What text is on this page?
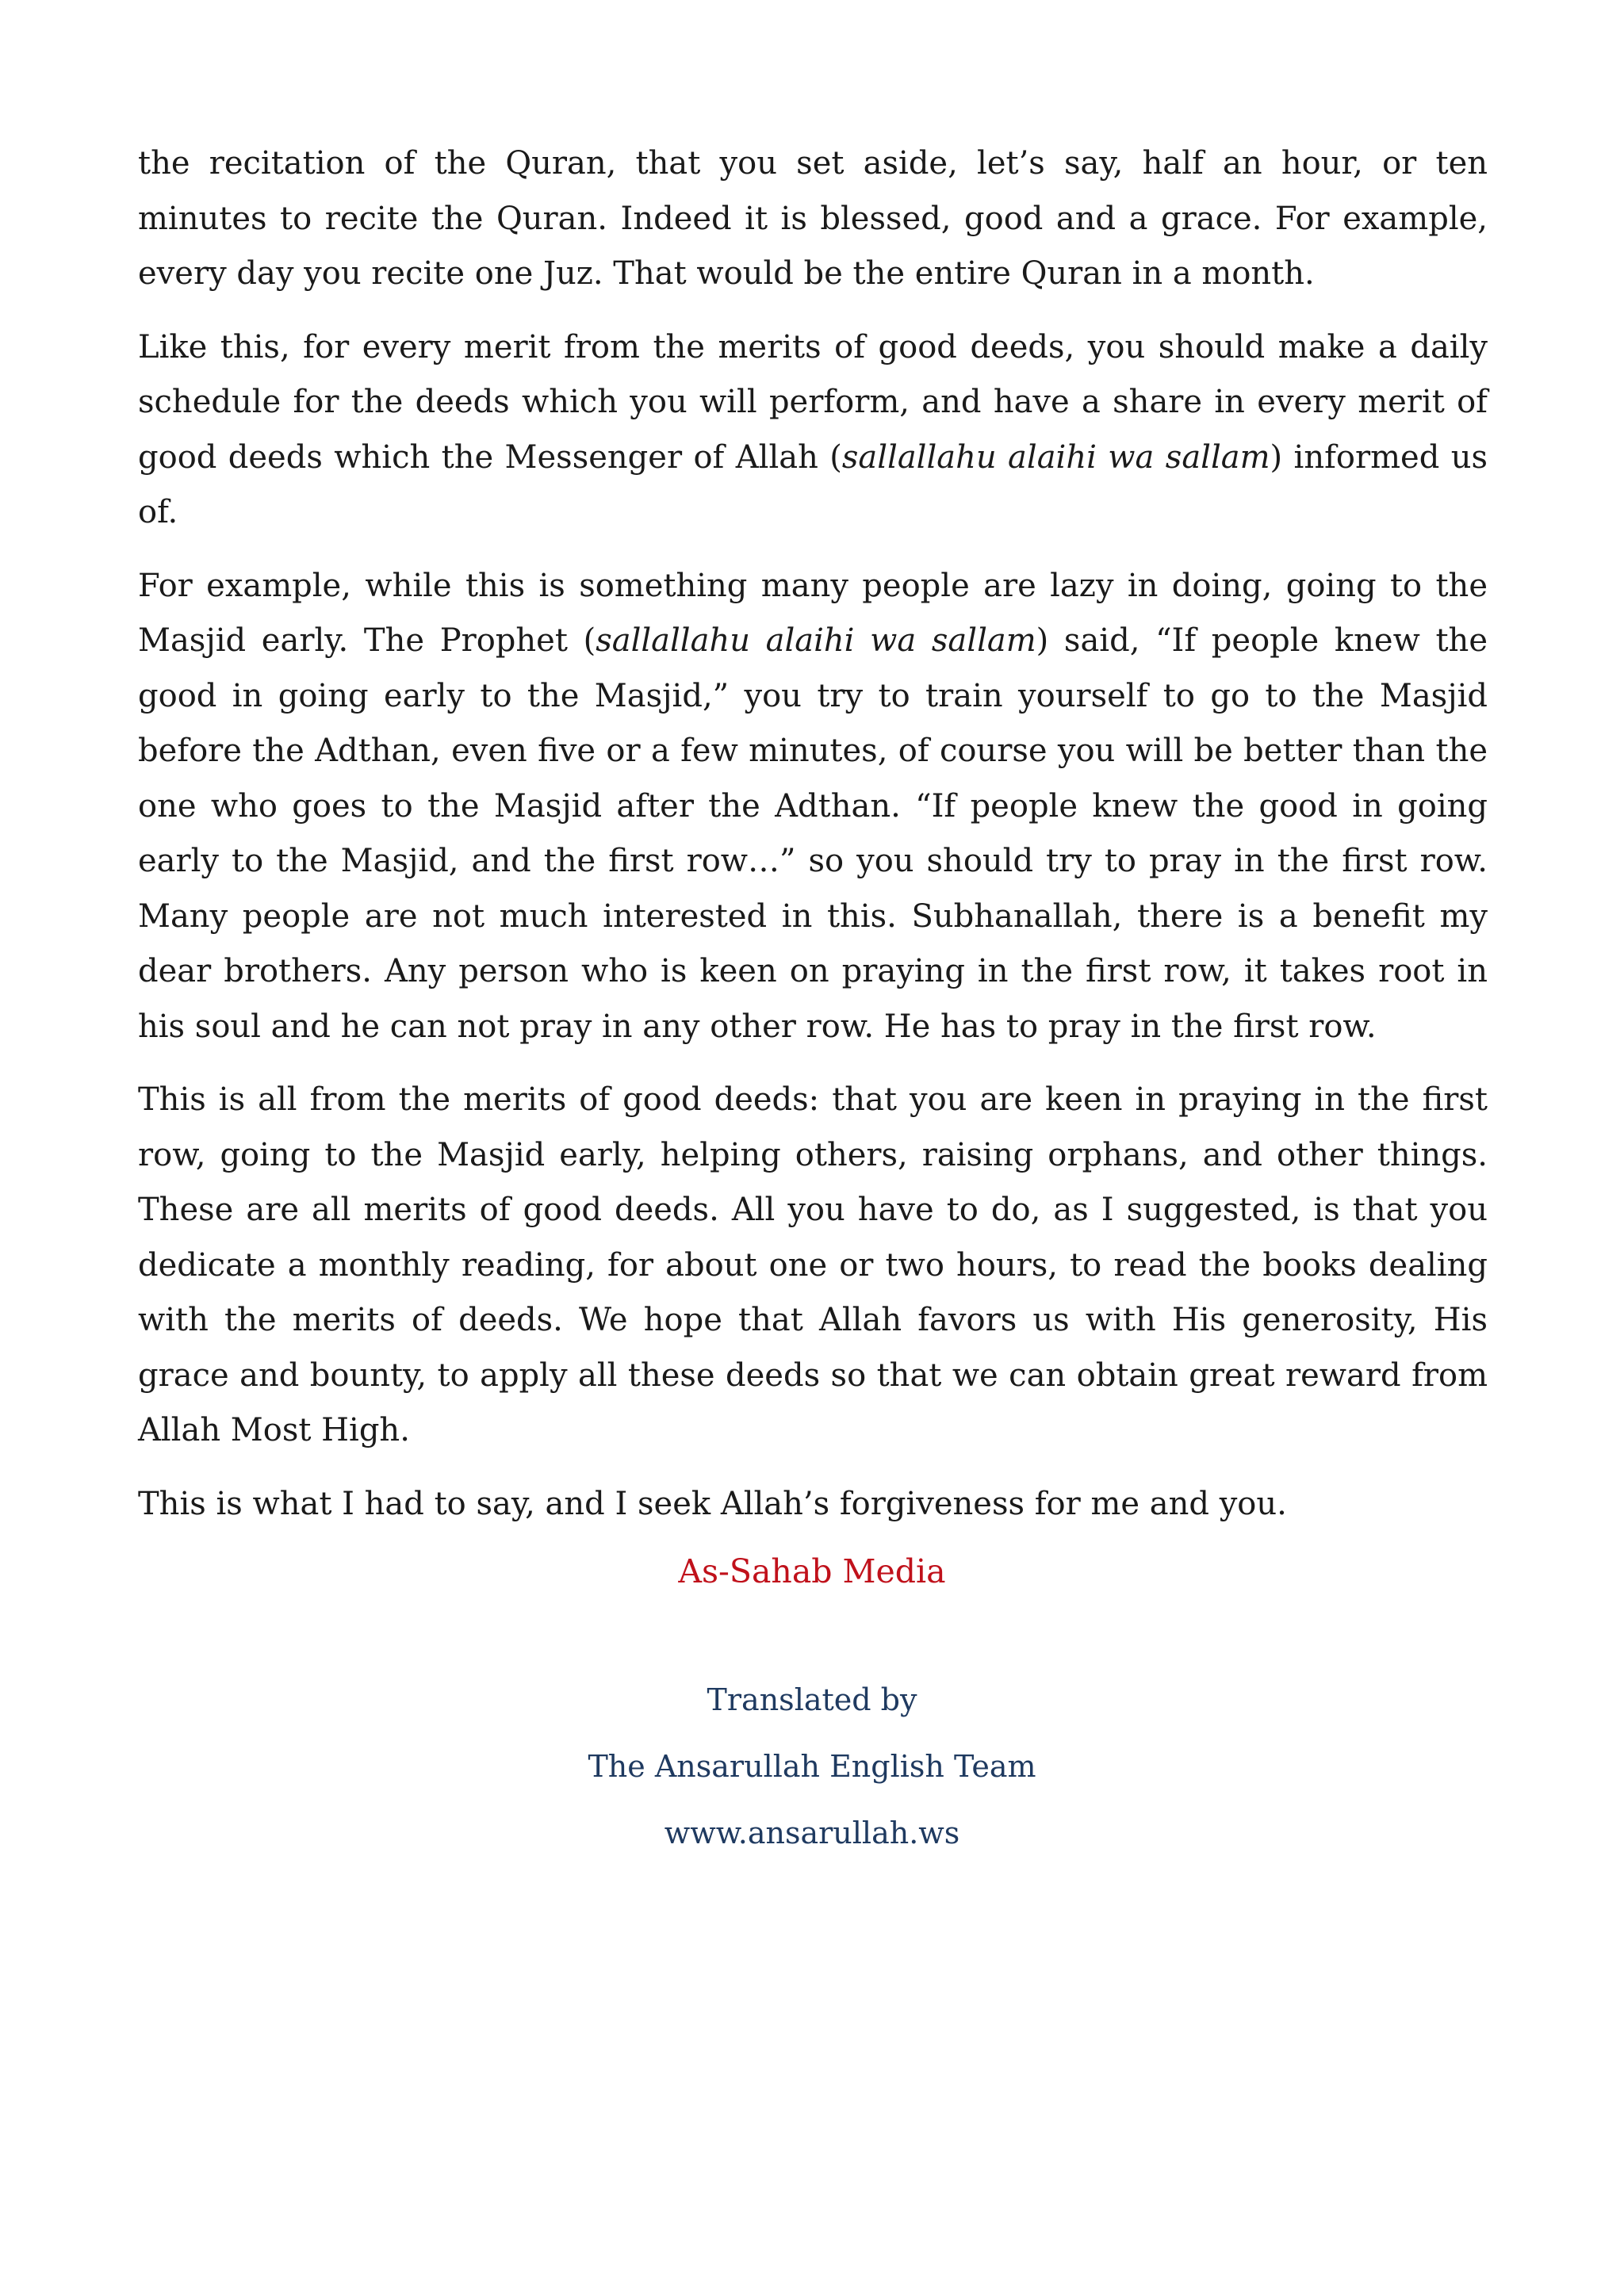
the recitation of the Quran, that you set aside, let’s say, half an hour, or ten minutes to recite the Quran. Indeed it is blessed, good and a grace. For example, every day you recite one Juz. That would be the entire Quran in a month.

Like this, for every merit from the merits of good deeds, you should make a daily schedule for the deeds which you will perform, and have a share in every merit of good deeds which the Messenger of Allah (sallallahu alaihi wa sallam) informed us of.

For example, while this is something many people are lazy in doing, going to the Masjid early. The Prophet (sallallahu alaihi wa sallam) said, “If people knew the good in going early to the Masjid,” you try to train yourself to go to the Masjid before the Adthan, even five or a few minutes, of course you will be better than the one who goes to the Masjid after the Adthan. “If people knew the good in going early to the Masjid, and the first row…” so you should try to pray in the first row. Many people are not much interested in this. Subhanallah, there is a benefit my dear brothers. Any person who is keen on praying in the first row, it takes root in his soul and he can not pray in any other row. He has to pray in the first row.

This is all from the merits of good deeds: that you are keen in praying in the first row, going to the Masjid early, helping others, raising orphans, and other things. These are all merits of good deeds. All you have to do, as I suggested, is that you dedicate a monthly reading, for about one or two hours, to read the books dealing with the merits of deeds. We hope that Allah favors us with His generosity, His grace and bounty, to apply all these deeds so that we can obtain great reward from Allah Most High.

This is what I had to say, and I seek Allah’s forgiveness for me and you.

As-Sahab Media
Translated by
The Ansarullah English Team
www.ansarullah.ws
